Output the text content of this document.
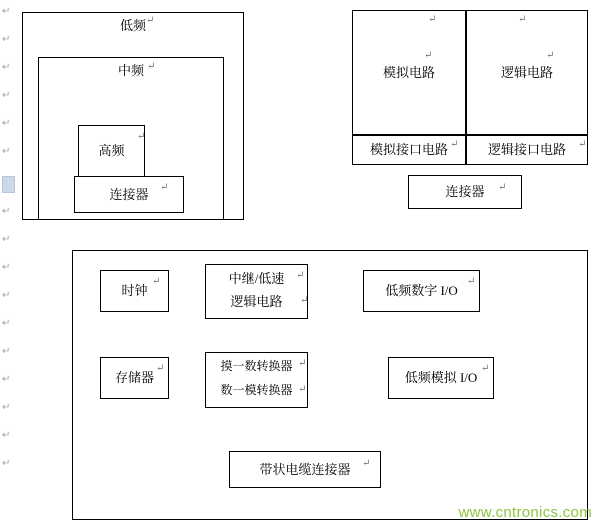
↵
↵
↵
↵
↵
↵
↵
↵
↵
↵
↵
↵
↵
↵
↵
↵
低频
中频
高频
连接器
↵
↵
↵
↵
模拟电路	逻辑电路
模拟接口电路	逻辑接口电路
连接器
↵	↵
↵	↵
↵	↵
↵
时钟
中继/低速
逻辑电路
低频数字 I/O
存储器
摸一数转换器
数一模转换器
低频模拟 I/O
带状电缆连接器
↵
↵
↵
↵
↵	↵
↵
↵
↵
www.cntronics.com
